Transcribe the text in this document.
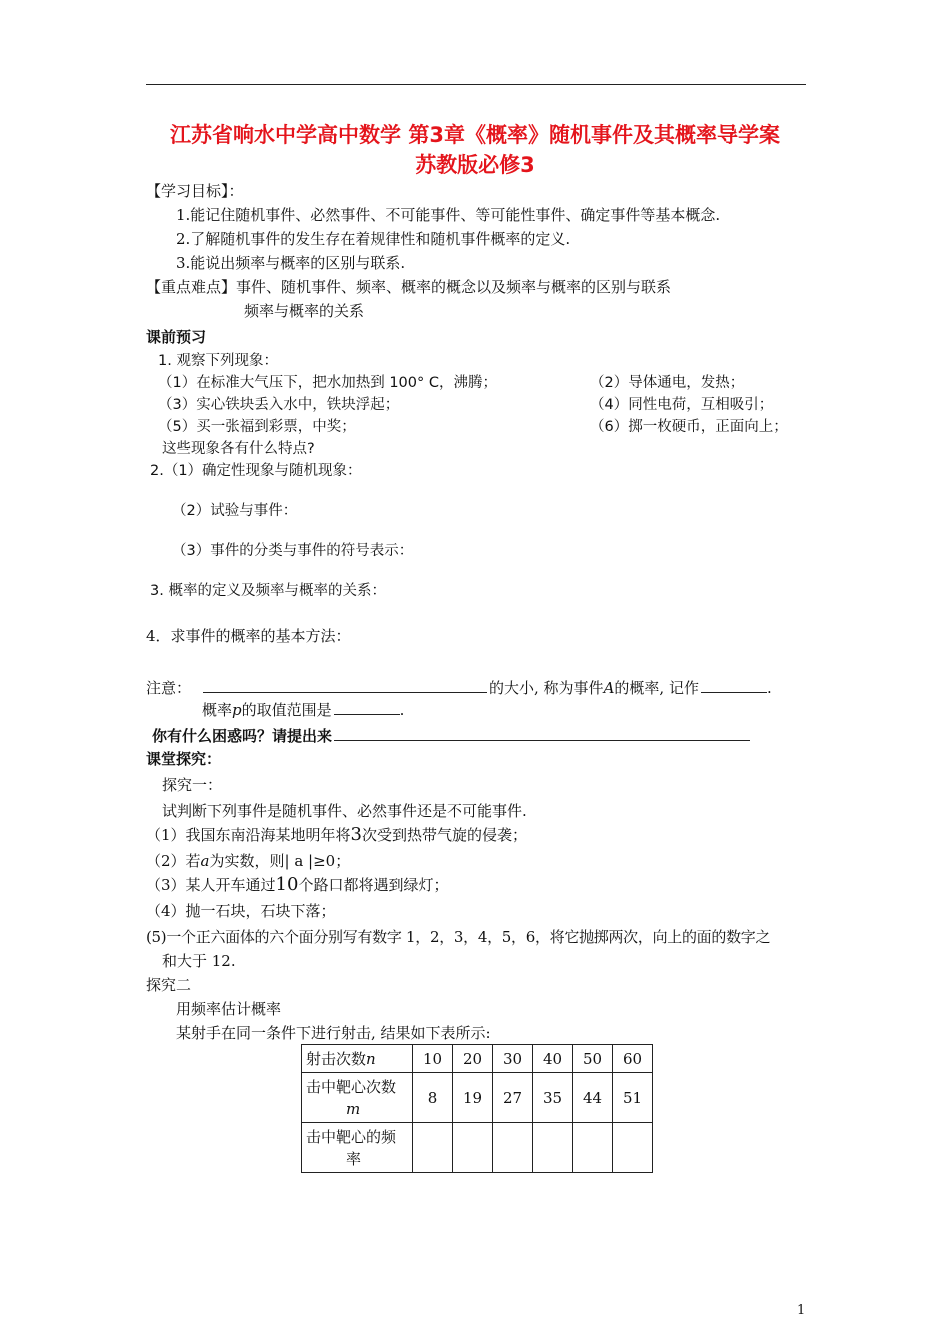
江苏省响水中学高中数学 第3章《概率》随机事件及其概率导学案
苏教版必修3
【学习目标】：
1.能记住随机事件、必然事件、不可能事件、等可能性事件、确定事件等基本概念.
2.了解随机事件的发生存在着规律性和随机事件概率的定义.
3.能说出频率与概率的区别与联系.
【重点难点】事件、随机事件、频率、概率的概念以及频率与概率的区别与联系
频率与概率的关系
课前预习
1. 观察下列现象：
（1）在标准大气压下，把水加热到 100° C，沸腾；	（2）导体通电，发热；
（3）实心铁块丢入水中，铁块浮起；	（4）同性电荷，互相吸引；
（5）买一张福到彩票，中奖；	（6）掷一枚硬币，正面向上；
这些现象各有什么特点?
2.（1）确定性现象与随机现象：
（2）试验与事件：
（3）事件的分类与事件的符号表示：
3. 概率的定义及频率与概率的关系：
4．求事件的概率的基本方法：
注意：	的大小, 称为事件A的概率, 记作	.
概率p的取值范围是	.
你有什么困惑吗？请提出来
课堂探究：
探究一：
试判断下列事件是随机事件、必然事件还是不可能事件.
（1）我国东南沿海某地明年将3次受到热带气旋的侵袭；
（2）若a为实数，则| a |≥0；
（3）某人开车通过10个路口都将遇到绿灯；
（4）抛一石块，石块下落；
(5)一个正六面体的六个面分别写有数字 1，2，3，4，5，6，将它抛掷两次，向上的面的数字之
和大于 12.
探究二
用频率估计概率
某射手在同一条件下进行射击, 结果如下表所示:
射击次数n	10	20	30	40	50	60
击中靶心次数
m	8	19	27	35	44	51
击中靶心的频
率						
1
